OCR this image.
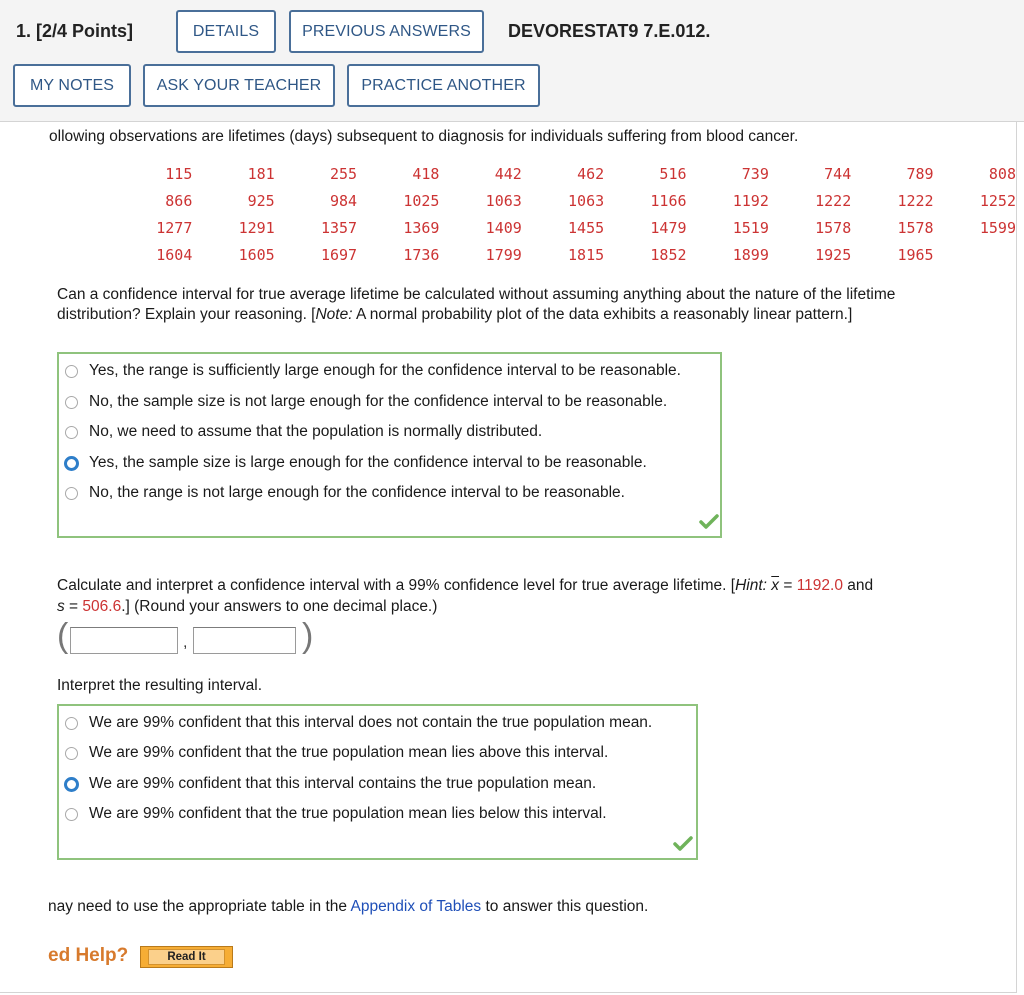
1. [2/4 Points]	DETAILS	PREVIOUS ANSWERS	DEVORESTAT9 7.E.012.
MY NOTES	ASK YOUR TEACHER	PRACTICE ANOTHER
ollowing observations are lifetimes (days) subsequent to diagnosis for individuals suffering from blood cancer.
115	181	255	418	442	462	516	739	744	789	808
866	925	984	1025	1063	1063	1166	1192	1222	1222	1252
1277	1291	1357	1369	1409	1455	1479	1519	1578	1578	1599
1604	1605	1697	1736	1799	1815	1852	1899	1925	1965	
Can a confidence interval for true average lifetime be calculated without assuming anything about the nature of the lifetime distribution? Explain your reasoning. [Note: A normal probability plot of the data exhibits a reasonably linear pattern.]
Yes, the range is sufficiently large enough for the confidence interval to be reasonable.
No, the sample size is not large enough for the confidence interval to be reasonable.
No, we need to assume that the population is normally distributed.
Yes, the sample size is large enough for the confidence interval to be reasonable.
No, the range is not large enough for the confidence interval to be reasonable.
Calculate and interpret a confidence interval with a 99% confidence level for true average lifetime. [Hint: $\overline{x} = 1192.0$ and
s = 506.6.] (Round your answers to one decimal place.)
(	,	)
Interpret the resulting interval.
We are 99% confident that this interval does not contain the true population mean.
We are 99% confident that the true population mean lies above this interval.
We are 99% confident that this interval contains the true population mean.
We are 99% confident that the true population mean lies below this interval.
nay need to use the appropriate table in the Appendix of Tables to answer this question.
ed Help?	Read It
